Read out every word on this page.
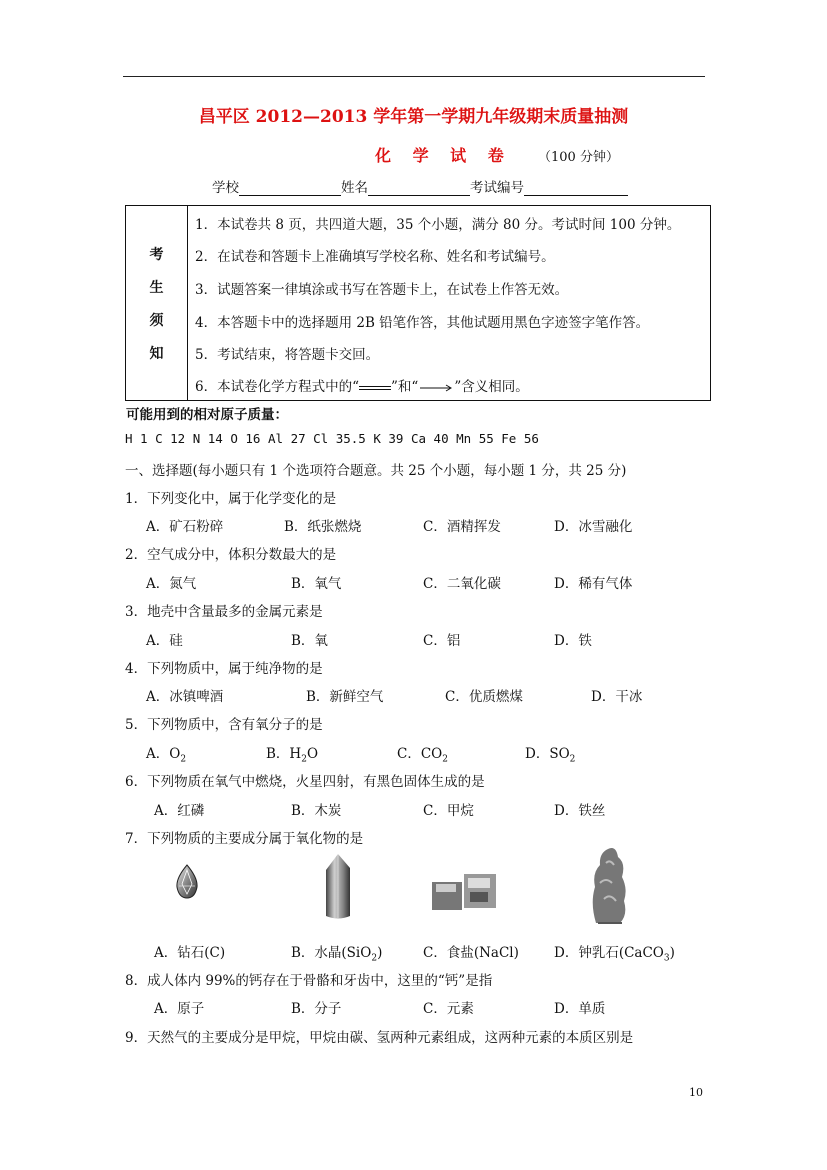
昌平区 2012—2013 学年第一学期九年级期末质量抽测
化 学 试 卷 （100 分钟）
学校	姓名	考试编号
考
生
须
知
1．本试卷共 8 页，共四道大题，35 个小题，满分 80 分。考试时间 100 分钟。
2．在试卷和答题卡上准确填写学校名称、姓名和考试编号。
3．试题答案一律填涂或书写在答题卡上，在试卷上作答无效。
4．本答题卡中的选择题用 2B 铅笔作答，其他试题用黑色字迹签字笔作答。
5．考试结束，将答题卡交回。
6．本试卷化学方程式中的“ ”和“	”含义相同。
可能用到的相对原子质量：
H 1 C 12 N 14 O 16 Al 27 Cl 35.5 K 39 Ca 40 Mn 55 Fe 56
一、选择题(每小题只有 1 个选项符合题意。共 25 个小题，每小题 1 分，共 25 分)
1．下列变化中，属于化学变化的是
A．矿石粉碎	B．纸张燃烧	C．酒精挥发	D．冰雪融化
2．空气成分中，体积分数最大的是
A．氮气	B．氧气	C．二氧化碳	D．稀有气体
3．地壳中含量最多的金属元素是
A．硅	B．氧	C．铝	D．铁
4．下列物质中，属于纯净物的是
A．冰镇啤酒	B．新鲜空气	C．优质燃煤	D．干冰
5．下列物质中，含有氧分子的是
A．$O_2$	B．$H_2O$	C．$CO_2$	D．$SO_2$
6．下列物质在氧气中燃烧，火星四射，有黑色固体生成的是
A．红磷	B．木炭	C．甲烷	D．铁丝
7．下列物质的主要成分属于氧化物的是
A．钻石(C)	B．水晶(SiO$_2$)	C．食盐(NaCl)	D．钟乳石(CaCO$_3$)
8．成人体内 99%的钙存在于骨骼和牙齿中，这里的“钙”是指
A．原子	B．分子	C．元素	D．单质
9．天然气的主要成分是甲烷，甲烷由碳、氢两种元素组成，这两种元素的本质区别是
10
